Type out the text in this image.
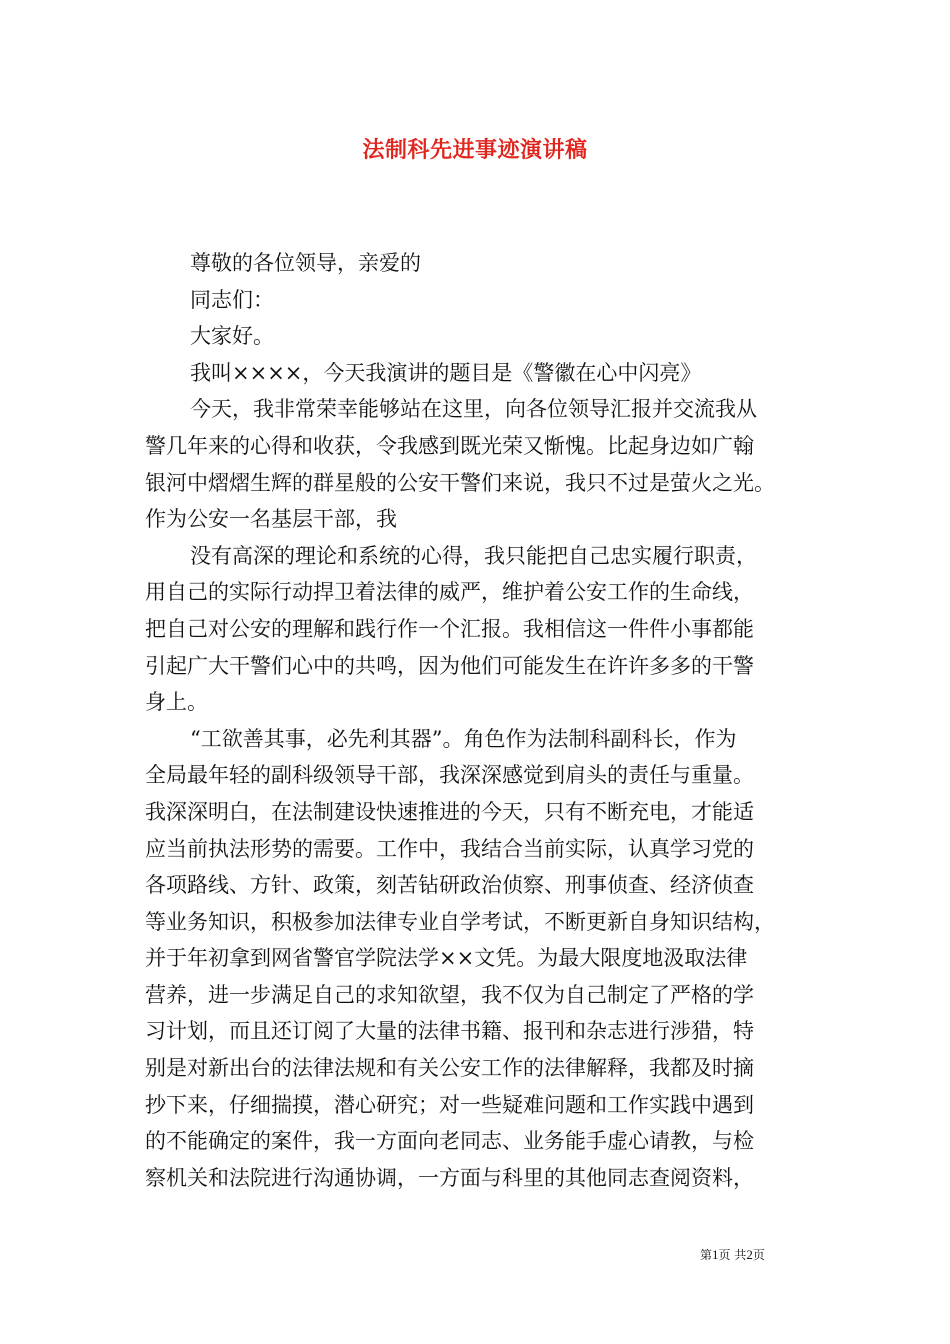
法制科先进事迹演讲稿
尊敬的各位领导，亲爱的
同志们：
大家好。
我叫××××，今天我演讲的题目是《警徽在心中闪亮》
今天，我非常荣幸能够站在这里，向各位领导汇报并交流我从
警几年来的心得和收获，令我感到既光荣又惭愧。比起身边如广翰
银河中熠熠生辉的群星般的公安干警们来说，我只不过是萤火之光。
作为公安一名基层干部，我
没有高深的理论和系统的心得，我只能把自己忠实履行职责，
用自己的实际行动捍卫着法律的威严，维护着公安工作的生命线，
把自己对公安的理解和践行作一个汇报。我相信这一件件小事都能
引起广大干警们心中的共鸣，因为他们可能发生在许许多多的干警
身上。
“工欲善其事，必先利其器”。角色作为法制科副科长，作为
全局最年轻的副科级领导干部，我深深感觉到肩头的责任与重量。
我深深明白，在法制建设快速推进的今天，只有不断充电，才能适
应当前执法形势的需要。工作中，我结合当前实际，认真学习党的
各项路线、方针、政策，刻苦钻研政治侦察、刑事侦查、经济侦查
等业务知识，积极参加法律专业自学考试，不断更新自身知识结构，
并于年初拿到网省警官学院法学××文凭。为最大限度地汲取法律
营养，进一步满足自己的求知欲望，我不仅为自己制定了严格的学
习计划，而且还订阅了大量的法律书籍、报刊和杂志进行涉猎，特
别是对新出台的法律法规和有关公安工作的法律解释，我都及时摘
抄下来，仔细揣摸，潜心研究；对一些疑难问题和工作实践中遇到
的不能确定的案件，我一方面向老同志、业务能手虚心请教，与检
察机关和法院进行沟通协调，一方面与科里的其他同志查阅资料，
第1页 共2页
